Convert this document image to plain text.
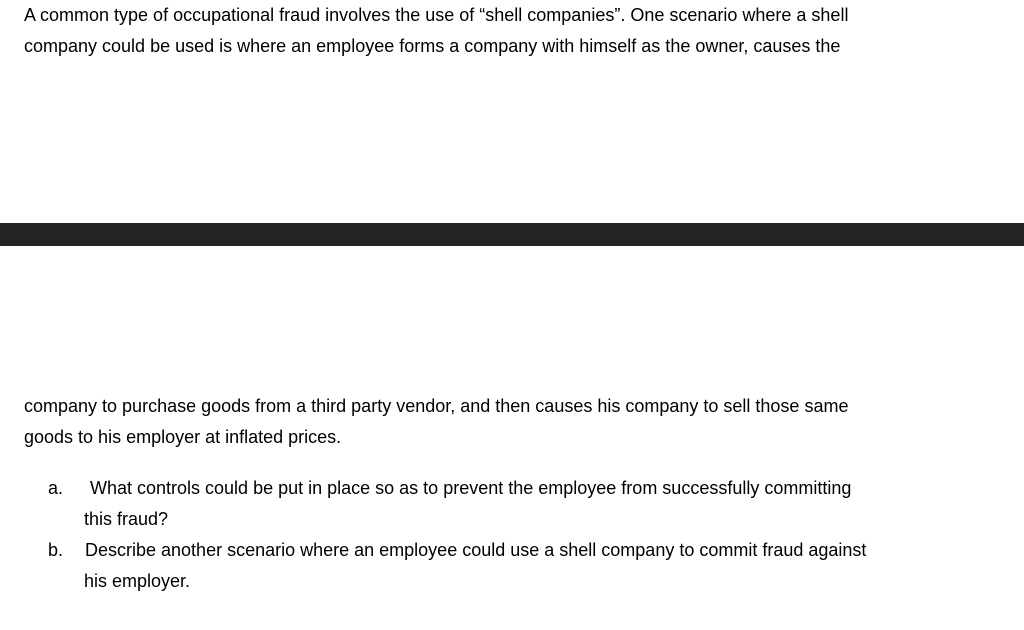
A common type of occupational fraud involves the use of “shell companies”. One scenario where a shell
company could be used is where an employee forms a company with himself as the owner, causes the
company to purchase goods from a third party vendor, and then causes his company to sell those same
goods to his employer at inflated prices.
a. What controls could be put in place so as to prevent the employee from successfully committing
this fraud?
b. Describe another scenario where an employee could use a shell company to commit fraud against
his employer.
